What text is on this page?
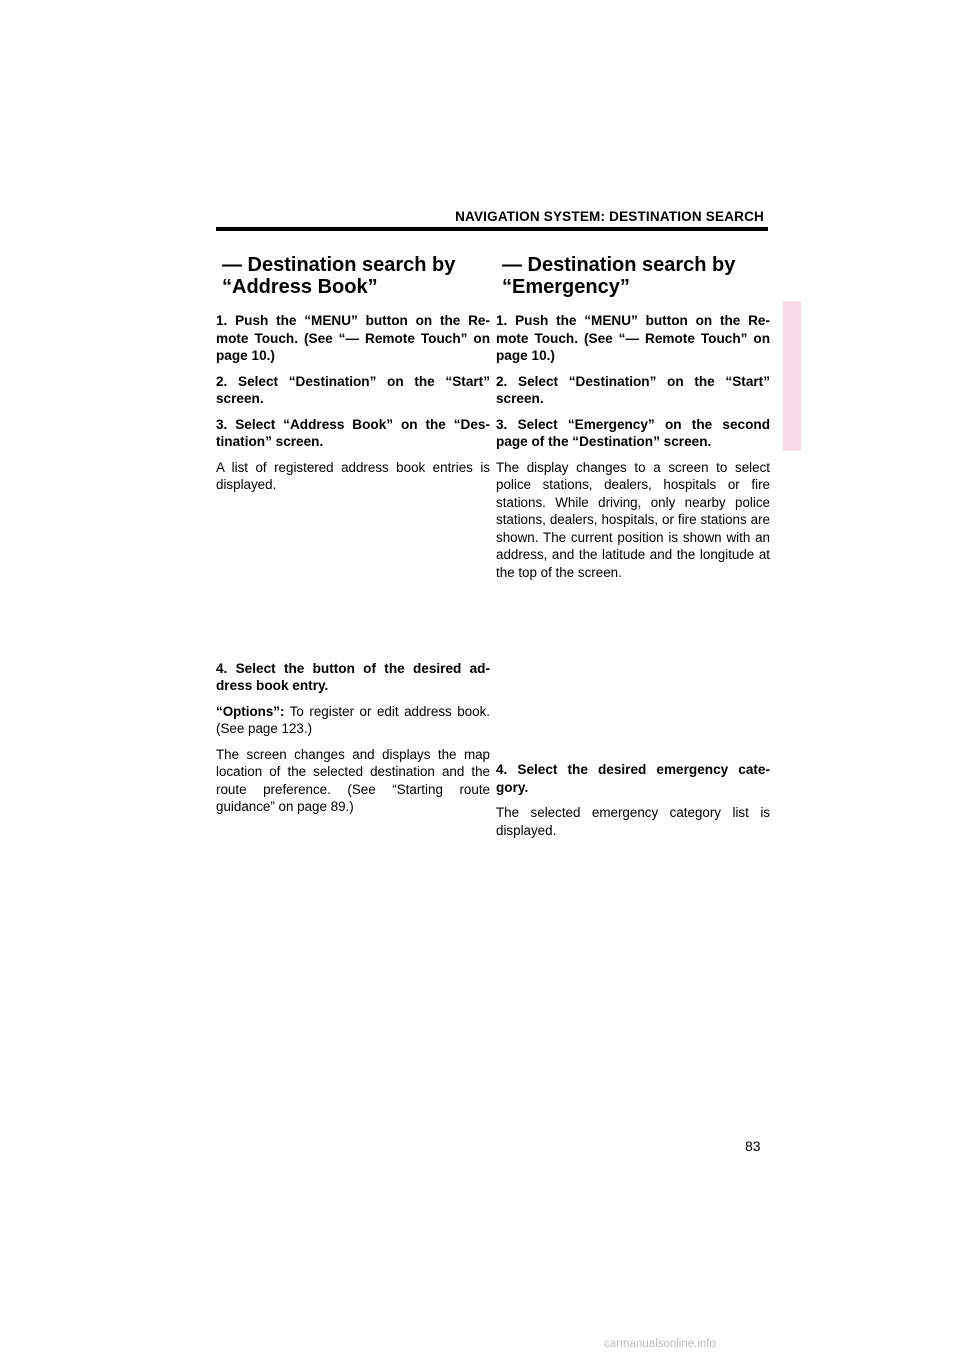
NAVIGATION SYSTEM: DESTINATION SEARCH
— Destination search by
“Address Book”

1. Push the “MENU” button on the Re-mote Touch. (See “— Remote Touch” on page 10.)

2. Select “Destination” on the “Start” screen.

3. Select “Address Book” on the “Des-tination” screen.

A list of registered address book entries is displayed.

4. Select the button of the desired ad-dress book entry.

“Options”: To register or edit address book. (See page 123.)

The screen changes and displays the map location of the selected destination and the route preference. (See “Starting route guidance” on page 89.)

— Destination search by
“Emergency”

1. Push the “MENU” button on the Re-mote Touch. (See “— Remote Touch” on page 10.)

2. Select “Destination” on the “Start” screen.

3. Select “Emergency” on the second page of the “Destination” screen.

The display changes to a screen to select police stations, dealers, hospitals or fire stations. While driving, only nearby police stations, dealers, hospitals, or fire stations are shown. The current position is shown with an address, and the latitude and the longitude at the top of the screen.

4. Select the desired emergency cate-gory.

The selected emergency category list is displayed.

83
carmanualsonline.info
